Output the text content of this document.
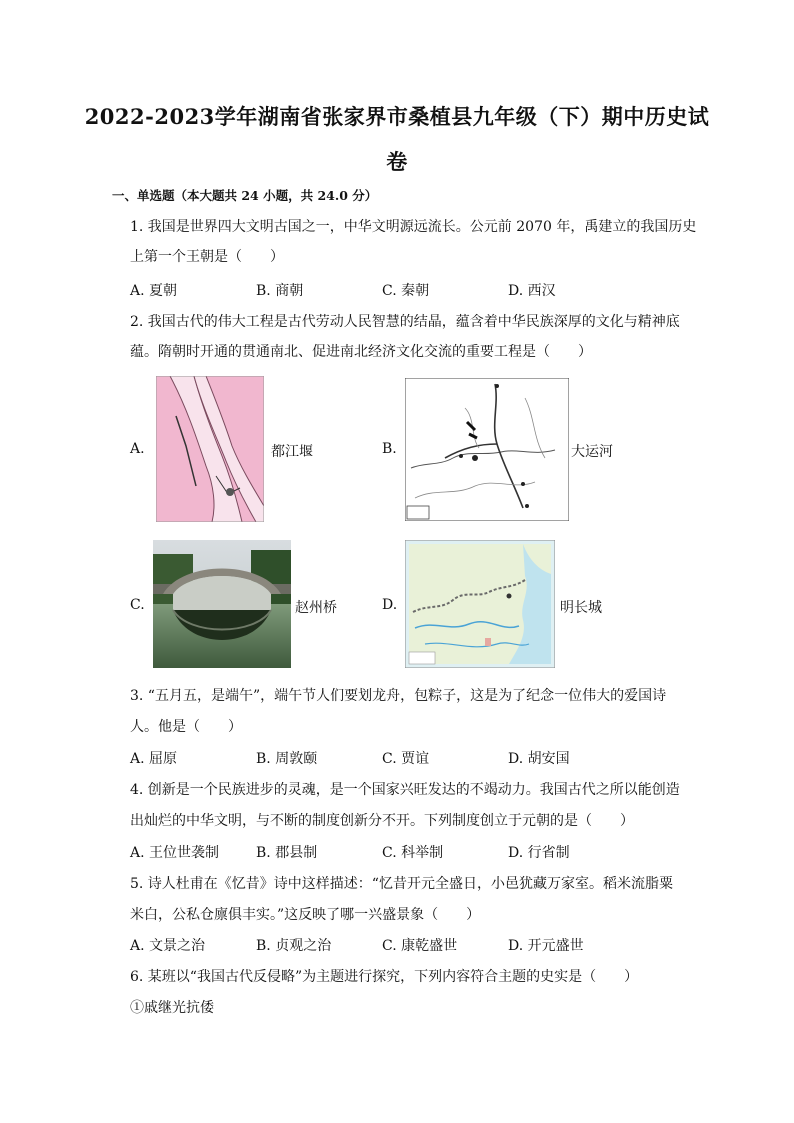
2022-2023学年湖南省张家界市桑植县九年级（下）期中历史试
卷
一、单选题（本大题共 24 小题，共 24.0 分）
1. 我国是世界四大文明古国之一，中华文明源远流长。公元前 2070 年，禹建立的我国历史
上第一个王朝是（　　）
A. 夏朝	B. 商朝	C. 秦朝	D. 西汉
2. 我国古代的伟大工程是古代劳动人民智慧的结晶，蕴含着中华民族深厚的文化与精神底
蕴。隋朝时开通的贯通南北、促进南北经济文化交流的重要工程是（　　）
A.	都江堰	B.	大运河
C.	赵州桥	D.	明长城
3. “五月五，是端午”，端午节人们要划龙舟，包粽子，这是为了纪念一位伟大的爱国诗
人。他是（　　）
A. 屈原	B. 周敦颐	C. 贾谊	D. 胡安国
4. 创新是一个民族进步的灵魂，是一个国家兴旺发达的不竭动力。我国古代之所以能创造
出灿烂的中华文明，与不断的制度创新分不开。下列制度创立于元朝的是（　　）
A. 王位世袭制	B. 郡县制	C. 科举制	D. 行省制
5. 诗人杜甫在《忆昔》诗中这样描述：“忆昔开元全盛日，小邑犹藏万家室。稻米流脂粟
米白，公私仓廪俱丰实。”这反映了哪一兴盛景象（　　）
A. 文景之治	B. 贞观之治	C. 康乾盛世	D. 开元盛世
6. 某班以“我国古代反侵略”为主题进行探究，下列内容符合主题的史实是（　　）
①戚继光抗倭
